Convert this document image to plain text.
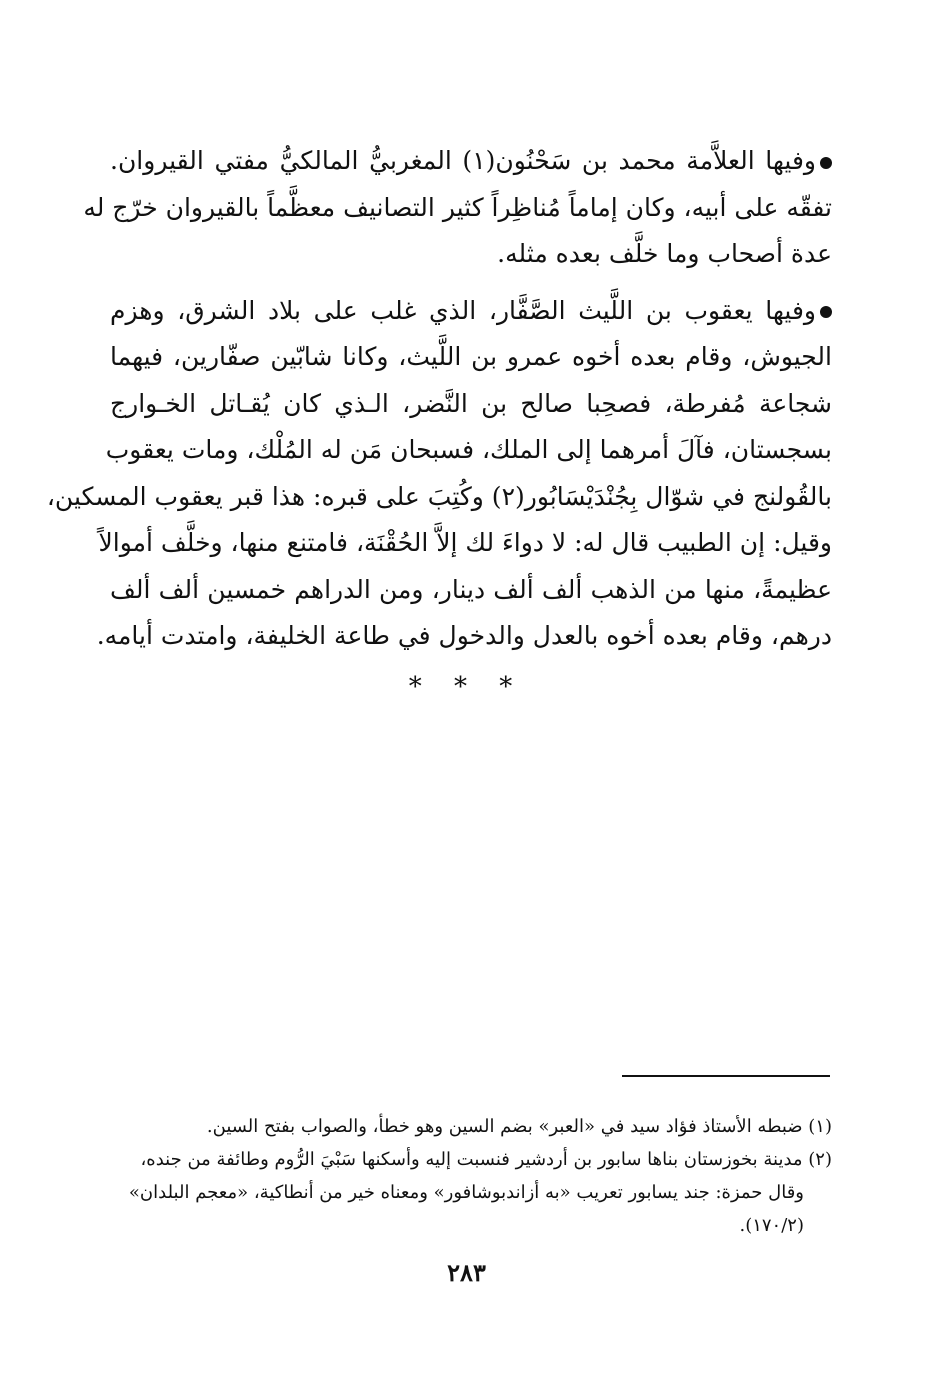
وفيها العلاَّمة محمد بن سَحْنُون(١) المغربيُّ المالكيُّ مفتي القيروان.
تفقّه على أبيه، وكان إماماً مُناظِراً كثير التصانيف معظَّماً بالقيروان خرّج له
عدة أصحاب وما خلَّف بعده مثله.

وفيها يعقوب بن اللَّيث الصَّفَّار، الذي غلب على بلاد الشرق، وهزم
الجيوش، وقام بعده أخوه عمرو بن اللَّيث، وكانا شابّين صفّارين، فيهما
شجاعة مُفرطة، فصحِبا صالح بن النَّضر، الـذي كان يُقـاتل الخـوارج
بسجستان، فآلَ أمرهما إلى الملك، فسبحان مَن له المُلْك، ومات يعقوب
بالقُولنج في شوّال بِجُنْدَيْسَابُور(٢) وكُتِبَ على قبره: هذا قبر يعقوب المسكين،
وقيل: إن الطبيب قال له: لا دواءَ لك إلاَّ الحُقْنَة، فامتنع منها، وخلَّف أموالاً
عظيمةً، منها من الذهب ألف ألف دينار، ومن الدراهم خمسين ألف ألف
درهم، وقام بعده أخوه بالعدل والدخول في طاعة الخليفة، وامتدت أيامه.

* * *
(١) ضبطه الأستاذ فؤاد سيد في «العبر» بضم السين وهو خطأ، والصواب بفتح السين.
(٢) مدينة بخوزستان بناها سابور بن أردشير فنسبت إليه وأسكنها سَبْيَ الرُّوم وطائفة من جنده،
وقال حمزة: جند يسابور تعريب «به أزاندبوشافور» ومعناه خير من أنطاكية، «معجم البلدان»
(١٧٠/٢).
٢٨٣
